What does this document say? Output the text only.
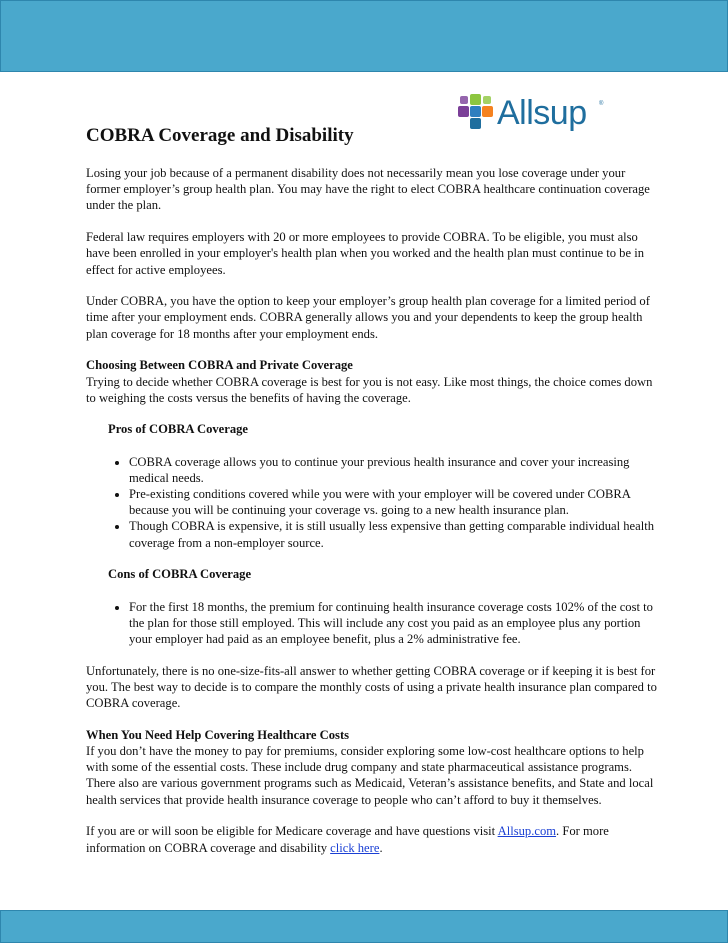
Allsup ®
COBRA Coverage and Disability

Losing your job because of a permanent disability does not necessarily mean you lose coverage under your former employer’s group health plan. You may have the right to elect COBRA healthcare continuation coverage under the plan.

Federal law requires employers with 20 or more employees to provide COBRA. To be eligible, you must also have been enrolled in your employer's health plan when you worked and the health plan must continue to be in effect for active employees.

Under COBRA, you have the option to keep your employer’s group health plan coverage for a limited period of time after your employment ends. COBRA generally allows you and your dependents to keep the group health plan coverage for 18 months after your employment ends.

Choosing Between COBRA and Private Coverage
Trying to decide whether COBRA coverage is best for you is not easy. Like most things, the choice comes down to weighing the costs versus the benefits of having the coverage.

Pros of COBRA Coverage
• COBRA coverage allows you to continue your previous health insurance and cover your increasing medical needs.
• Pre-existing conditions covered while you were with your employer will be covered under COBRA because you will be continuing your coverage vs. going to a new health insurance plan.
• Though COBRA is expensive, it is still usually less expensive than getting comparable individual health coverage from a non-employer source.
Cons of COBRA Coverage
• For the first 18 months, the premium for continuing health insurance coverage costs 102% of the cost to the plan for those still employed. This will include any cost you paid as an employee plus any portion your employer had paid as an employee benefit, plus a 2% administrative fee.

Unfortunately, there is no one-size-fits-all answer to whether getting COBRA coverage or if keeping it is best for you. The best way to decide is to compare the monthly costs of using a private health insurance plan compared to COBRA coverage.

When You Need Help Covering Healthcare Costs
If you don’t have the money to pay for premiums, consider exploring some low-cost healthcare options to help with some of the essential costs. These include drug company and state pharmaceutical assistance programs. There also are various government programs such as Medicaid, Veteran’s assistance benefits, and State and local health services that provide health insurance coverage to people who can’t afford to buy it themselves.

If you are or will soon be eligible for Medicare coverage and have questions visit Allsup.com. For more information on COBRA coverage and disability click here.
